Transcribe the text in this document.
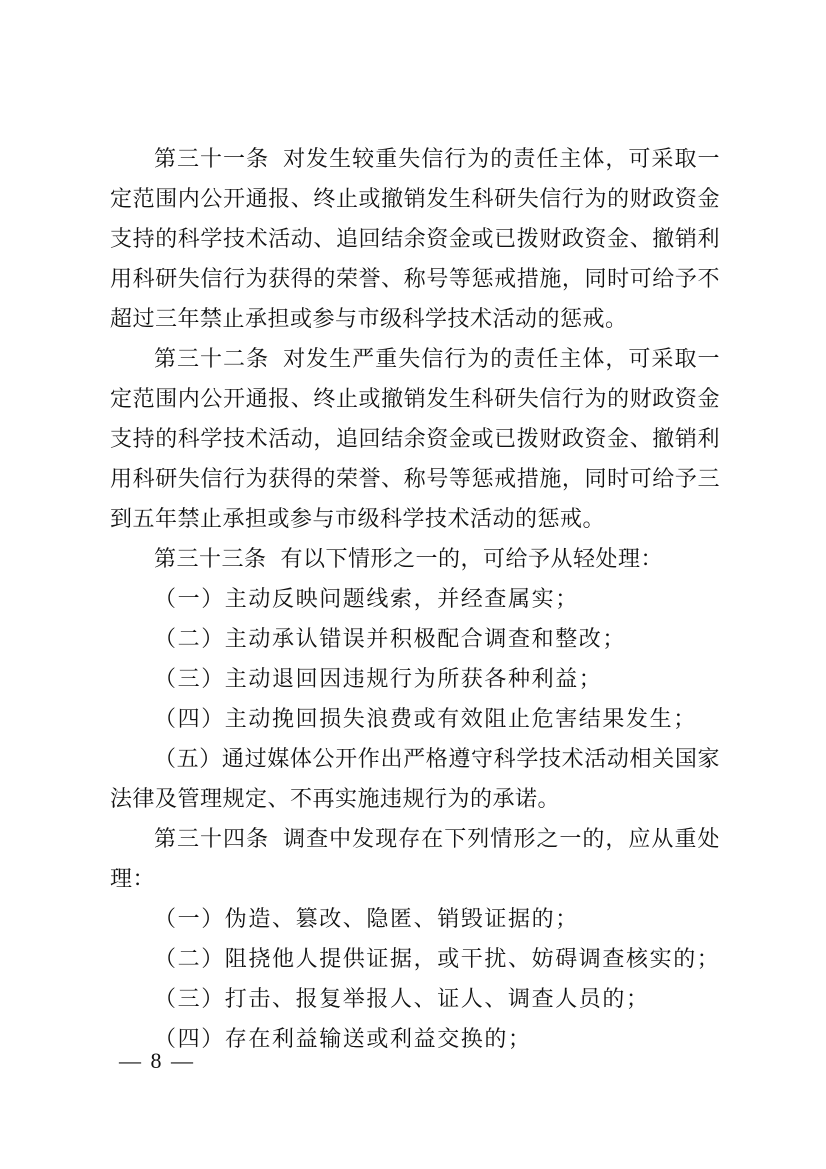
第三十一条 对发生较重失信行为的责任主体，可采取一定范围内公开通报、终止或撤销发生科研失信行为的财政资金支持的科学技术活动、追回结余资金或已拨财政资金、撤销利用科研失信行为获得的荣誉、称号等惩戒措施，同时可给予不超过三年禁止承担或参与市级科学技术活动的惩戒。

第三十二条 对发生严重失信行为的责任主体，可采取一定范围内公开通报、终止或撤销发生科研失信行为的财政资金支持的科学技术活动，追回结余资金或已拨财政资金、撤销利用科研失信行为获得的荣誉、称号等惩戒措施，同时可给予三到五年禁止承担或参与市级科学技术活动的惩戒。

第三十三条 有以下情形之一的，可给予从轻处理：

（一）主动反映问题线索，并经查属实；

（二）主动承认错误并积极配合调查和整改；

（三）主动退回因违规行为所获各种利益；

（四）主动挽回损失浪费或有效阻止危害结果发生；

（五）通过媒体公开作出严格遵守科学技术活动相关国家法律及管理规定、不再实施违规行为的承诺。

第三十四条 调查中发现存在下列情形之一的，应从重处理：

（一）伪造、篡改、隐匿、销毁证据的；

（二）阻挠他人提供证据，或干扰、妨碍调查核实的；

（三）打击、报复举报人、证人、调查人员的；

（四）存在利益输送或利益交换的；

— 8 —
